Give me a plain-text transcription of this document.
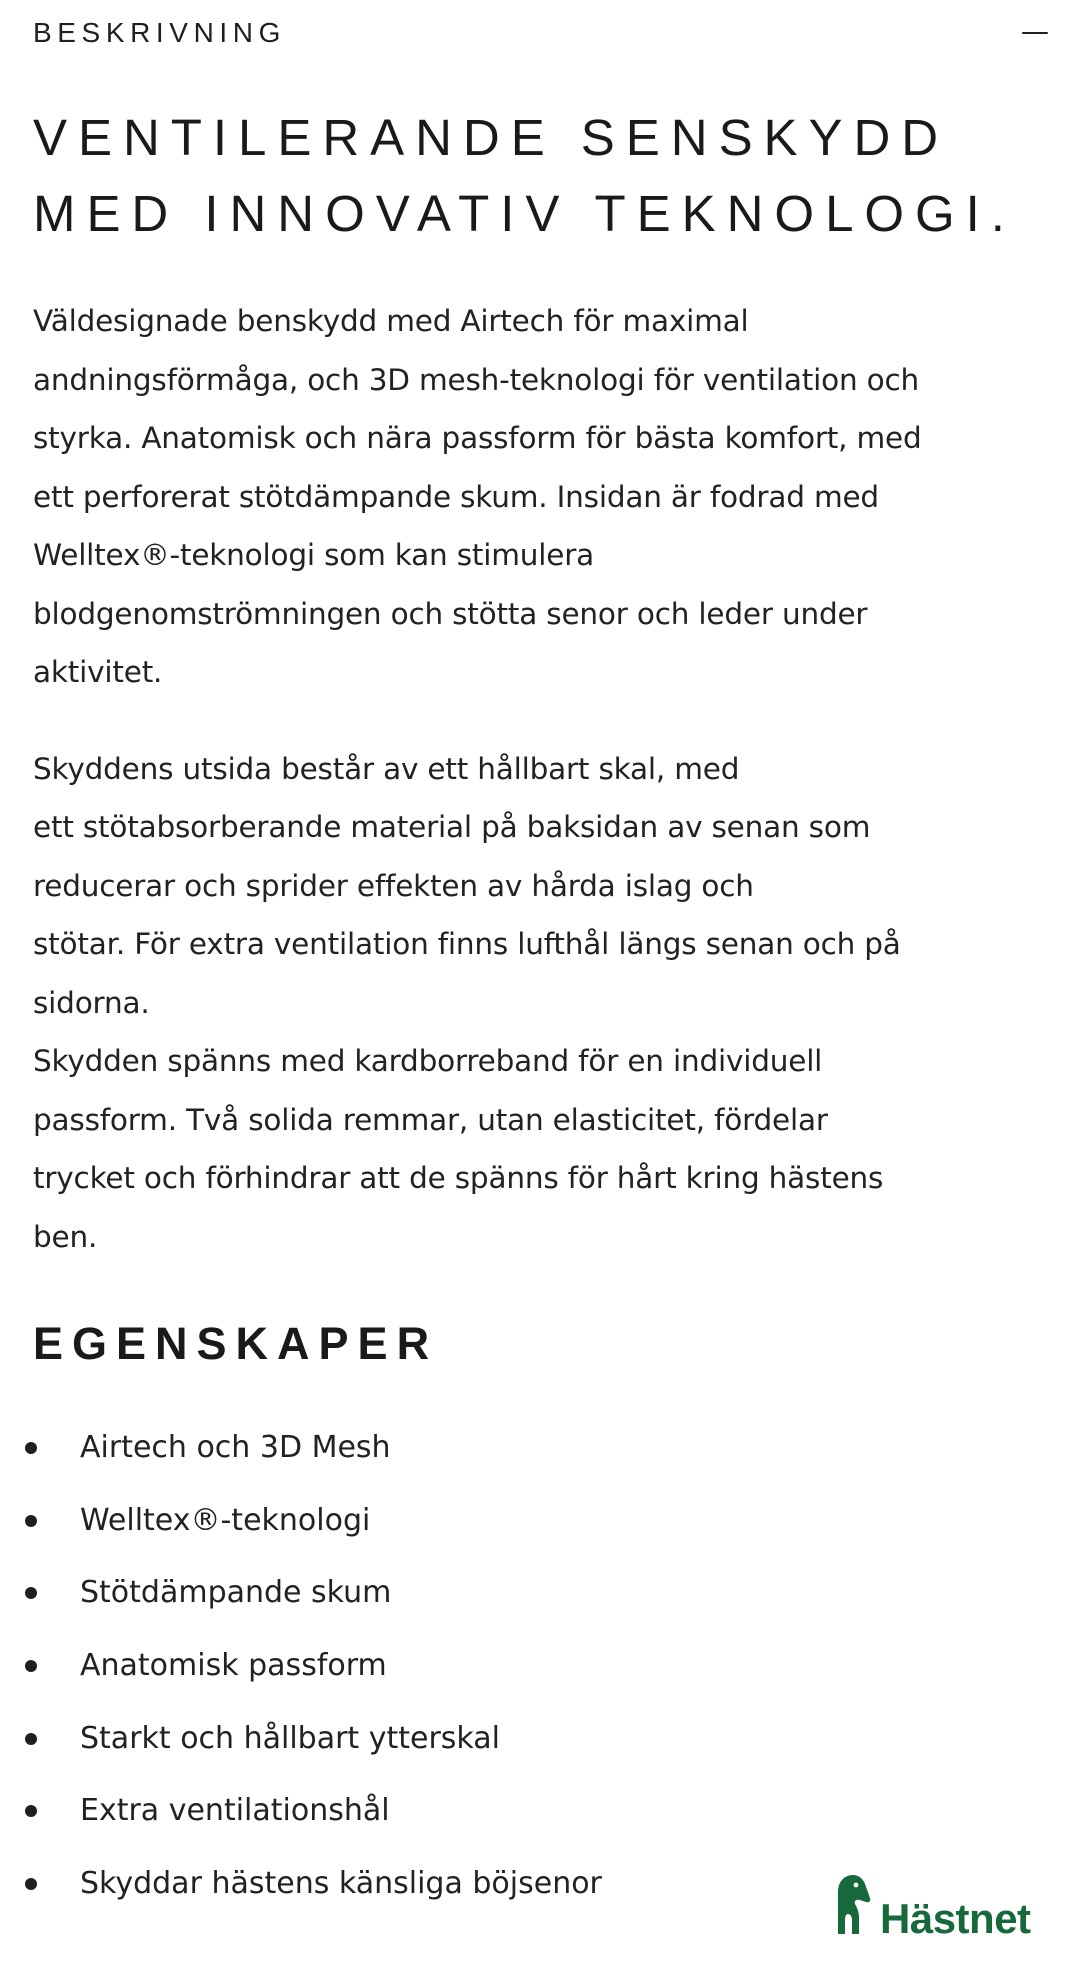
BESKRIVNING
VENTILERANDE SENSKYDD
MED INNOVATIV TEKNOLOGI.

Väldesignade benskydd med Airtech för maximal
andningsförmåga, och 3D mesh-teknologi för ventilation och
styrka. Anatomisk och nära passform för bästa komfort, med
ett perforerat stötdämpande skum. Insidan är fodrad med
Welltex®-teknologi som kan stimulera
blodgenomströmningen och stötta senor och leder under
aktivitet.

Skyddens utsida består av ett hållbart skal, med
ett stötabsorberande material på baksidan av senan som
reducerar och sprider effekten av hårda islag och
stötar. För extra ventilation finns lufthål längs senan och på
sidorna.
Skydden spänns med kardborreband för en individuell
passform. Två solida remmar, utan elasticitet, fördelar
trycket och förhindrar att de spänns för hårt kring hästens
ben.

EGENSKAPER
Airtech och 3D Mesh
Welltex®-teknologi
Stötdämpande skum
Anatomisk passform
Starkt och hållbart ytterskal
Extra ventilationshål
Skyddar hästens känsliga böjsenor
Hästnet
